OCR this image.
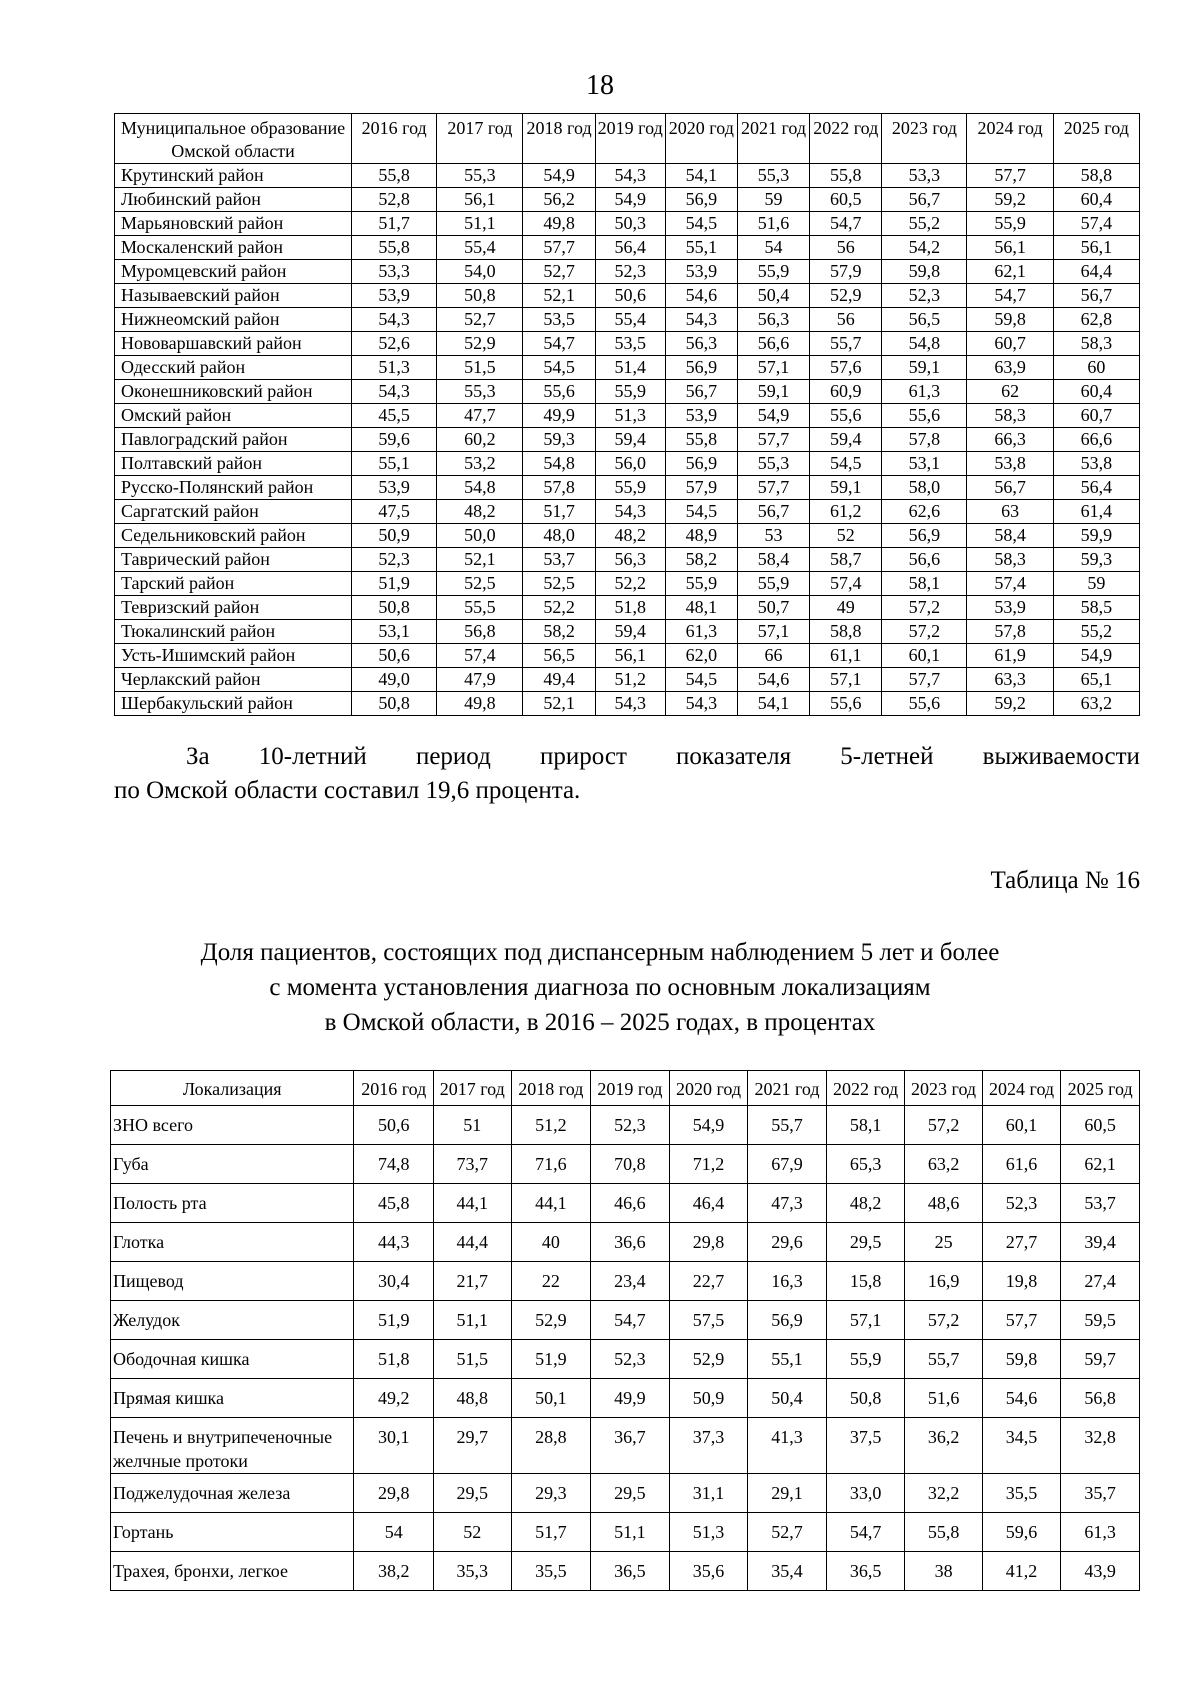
18
Муниципальное образование Омской области	2016 год	2017 год	2018 год	2019 год	2020 год	2021 год	2022 год	2023 год	2024 год	2025 год
Крутинский район	55,8	55,3	54,9	54,3	54,1	55,3	55,8	53,3	57,7	58,8
Любинский район	52,8	56,1	56,2	54,9	56,9	59	60,5	56,7	59,2	60,4
Марьяновский район	51,7	51,1	49,8	50,3	54,5	51,6	54,7	55,2	55,9	57,4
Москаленский район	55,8	55,4	57,7	56,4	55,1	54	56	54,2	56,1	56,1
Муромцевский район	53,3	54,0	52,7	52,3	53,9	55,9	57,9	59,8	62,1	64,4
Называевский район	53,9	50,8	52,1	50,6	54,6	50,4	52,9	52,3	54,7	56,7
Нижнеомский район	54,3	52,7	53,5	55,4	54,3	56,3	56	56,5	59,8	62,8
Нововаршавский район	52,6	52,9	54,7	53,5	56,3	56,6	55,7	54,8	60,7	58,3
Одесский район	51,3	51,5	54,5	51,4	56,9	57,1	57,6	59,1	63,9	60
Оконешниковский район	54,3	55,3	55,6	55,9	56,7	59,1	60,9	61,3	62	60,4
Омский район	45,5	47,7	49,9	51,3	53,9	54,9	55,6	55,6	58,3	60,7
Павлоградский район	59,6	60,2	59,3	59,4	55,8	57,7	59,4	57,8	66,3	66,6
Полтавский район	55,1	53,2	54,8	56,0	56,9	55,3	54,5	53,1	53,8	53,8
Русско-Полянский район	53,9	54,8	57,8	55,9	57,9	57,7	59,1	58,0	56,7	56,4
Саргатский район	47,5	48,2	51,7	54,3	54,5	56,7	61,2	62,6	63	61,4
Седельниковский район	50,9	50,0	48,0	48,2	48,9	53	52	56,9	58,4	59,9
Таврический район	52,3	52,1	53,7	56,3	58,2	58,4	58,7	56,6	58,3	59,3
Тарский район	51,9	52,5	52,5	52,2	55,9	55,9	57,4	58,1	57,4	59
Тевризский район	50,8	55,5	52,2	51,8	48,1	50,7	49	57,2	53,9	58,5
Тюкалинский район	53,1	56,8	58,2	59,4	61,3	57,1	58,8	57,2	57,8	55,2
Усть-Ишимский район	50,6	57,4	56,5	56,1	62,0	66	61,1	60,1	61,9	54,9
Черлакский район	49,0	47,9	49,4	51,2	54,5	54,6	57,1	57,7	63,3	65,1
Шербакульский район	50,8	49,8	52,1	54,3	54,3	54,1	55,6	55,6	59,2	63,2
За 10-летний период прирост показателя 5-летней выживаемости
по Омской области составил 19,6 процента.
Таблица № 16
Доля пациентов, состоящих под диспансерным наблюдением 5 лет и более
с момента установления диагноза по основным локализациям
в Омской области, в 2016 – 2025 годах, в процентах
Локализация	2016 год	2017 год	2018 год	2019 год	2020 год	2021 год	2022 год	2023 год	2024 год	2025 год
ЗНО всего	50,6	51	51,2	52,3	54,9	55,7	58,1	57,2	60,1	60,5
Губа	74,8	73,7	71,6	70,8	71,2	67,9	65,3	63,2	61,6	62,1
Полость рта	45,8	44,1	44,1	46,6	46,4	47,3	48,2	48,6	52,3	53,7
Глотка	44,3	44,4	40	36,6	29,8	29,6	29,5	25	27,7	39,4
Пищевод	30,4	21,7	22	23,4	22,7	16,3	15,8	16,9	19,8	27,4
Желудок	51,9	51,1	52,9	54,7	57,5	56,9	57,1	57,2	57,7	59,5
Ободочная кишка	51,8	51,5	51,9	52,3	52,9	55,1	55,9	55,7	59,8	59,7
Прямая кишка	49,2	48,8	50,1	49,9	50,9	50,4	50,8	51,6	54,6	56,8
Печень и внутрипеченочные желчные протоки	30,1	29,7	28,8	36,7	37,3	41,3	37,5	36,2	34,5	32,8
Поджелудочная железа	29,8	29,5	29,3	29,5	31,1	29,1	33,0	32,2	35,5	35,7
Гортань	54	52	51,7	51,1	51,3	52,7	54,7	55,8	59,6	61,3
Трахея, бронхи, легкое	38,2	35,3	35,5	36,5	35,6	35,4	36,5	38	41,2	43,9
